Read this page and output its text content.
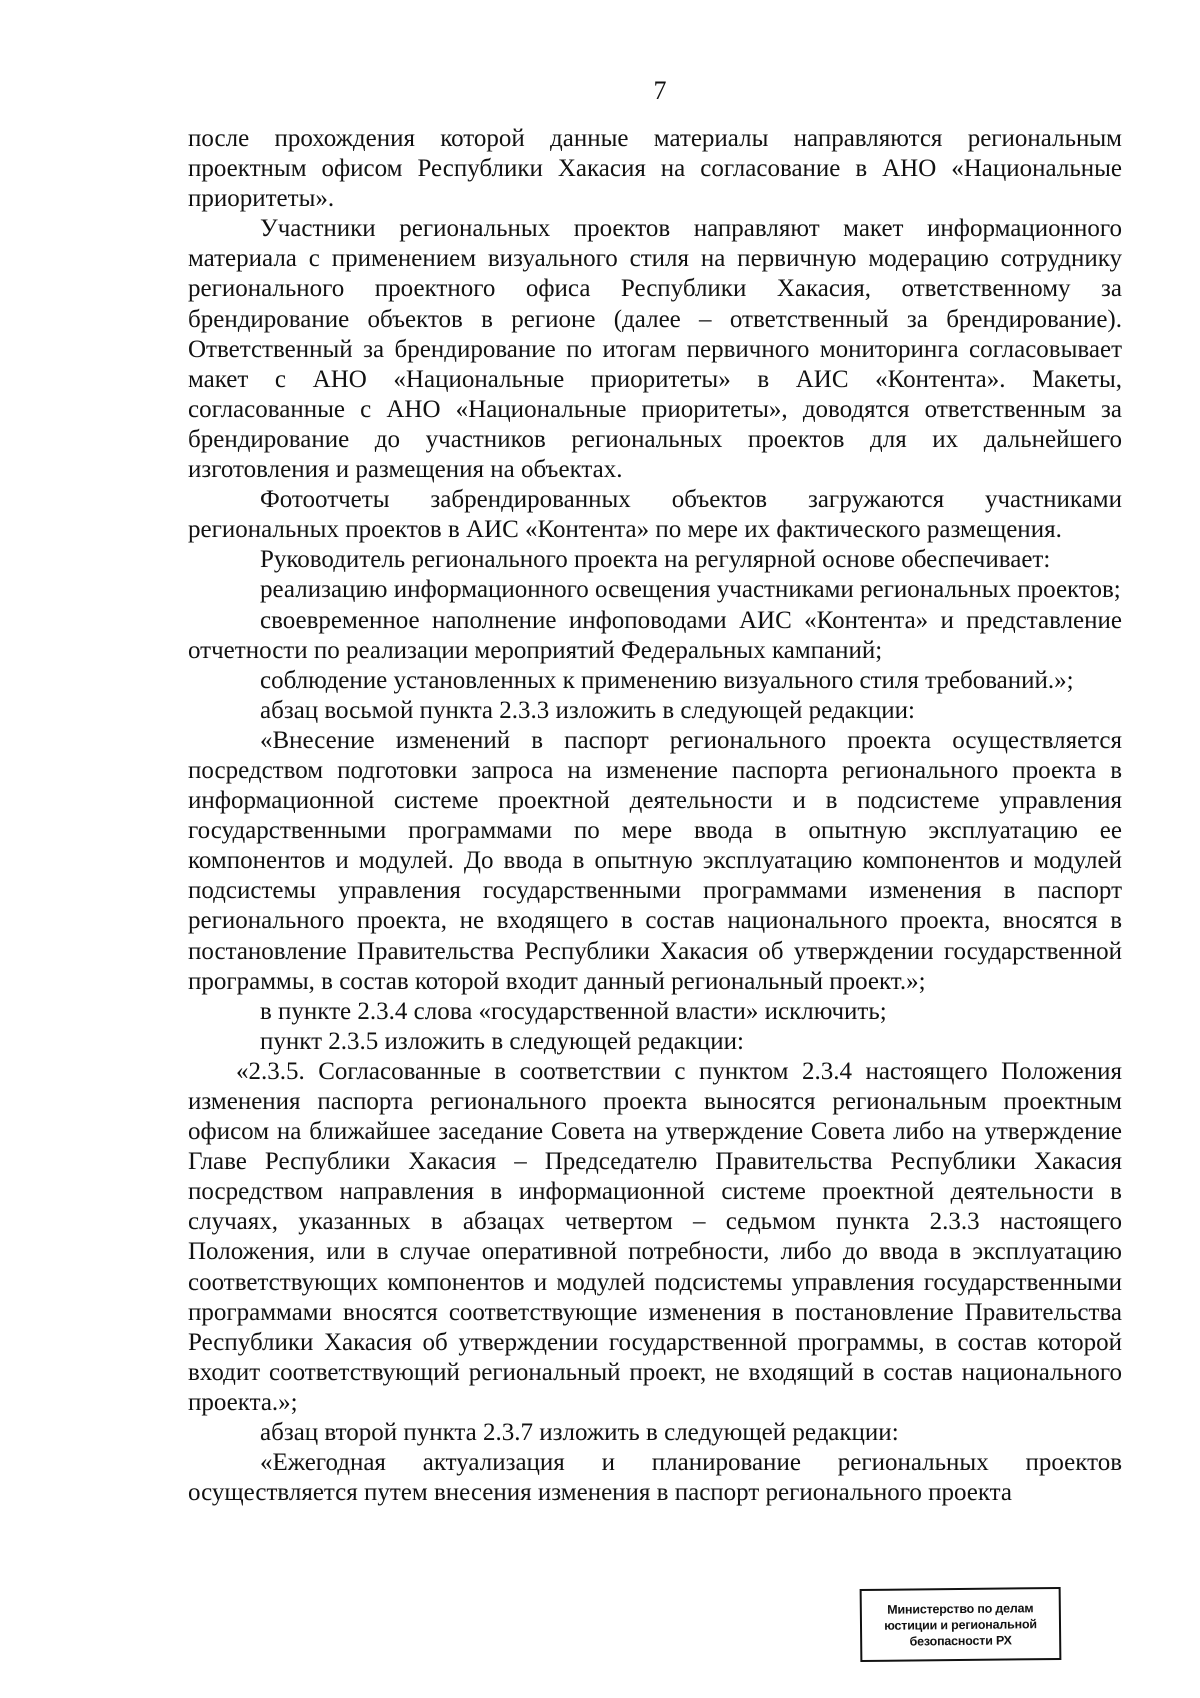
7

после прохождения которой данные материалы направляются региональным проектным офисом Республики Хакасия на согласование в АНО «Национальные приоритеты».

Участники региональных проектов направляют макет информационного материала с применением визуального стиля на первичную модерацию сотруднику регионального проектного офиса Республики Хакасия, ответственному за брендирование объектов в регионе (далее – ответственный за брендирование). Ответственный за брендирование по итогам первичного мониторинга согласовывает макет с АНО «Национальные приоритеты» в АИС «Контента». Макеты, согласованные с АНО «Национальные приоритеты», доводятся ответственным за брендирование до участников региональных проектов для их дальнейшего изготовления и размещения на объектах.

Фотоотчеты забрендированных объектов загружаются участниками региональных проектов в АИС «Контента» по мере их фактического размещения.

Руководитель регионального проекта на регулярной основе обеспечивает:

реализацию информационного освещения участниками региональных проектов;

своевременное наполнение инфоповодами АИС «Контента» и представление отчетности по реализации мероприятий Федеральных кампаний;

соблюдение установленных к применению визуального стиля требований.»;

абзац восьмой пункта 2.3.3 изложить в следующей редакции:

«Внесение изменений в паспорт регионального проекта осуществляется посредством подготовки запроса на изменение паспорта регионального проекта в информационной системе проектной деятельности и в подсистеме управления государственными программами по мере ввода в опытную эксплуатацию ее компонентов и модулей. До ввода в опытную эксплуатацию компонентов и модулей подсистемы управления государственными программами изменения в паспорт регионального проекта, не входящего в состав национального проекта, вносятся в постановление Правительства Республики Хакасия об утверждении государственной программы, в состав которой входит данный региональный проект.»;

в пункте 2.3.4 слова «государственной власти» исключить;

пункт 2.3.5 изложить в следующей редакции:

«2.3.5. Согласованные в соответствии с пунктом 2.3.4 настоящего Положения изменения паспорта регионального проекта выносятся региональным проектным офисом на ближайшее заседание Совета на утверждение Совета либо на утверждение Главе Республики Хакасия – Председателю Правительства Республики Хакасия посредством направления в информационной системе проектной деятельности в случаях, указанных в абзацах четвертом – седьмом пункта 2.3.3 настоящего Положения, или в случае оперативной потребности, либо до ввода в эксплуатацию соответствующих компонентов и модулей подсистемы управления государственными программами вносятся соответствующие изменения в постановление Правительства Республики Хакасия об утверждении государственной программы, в состав которой входит соответствующий региональный проект, не входящий в состав национального проекта.»;

абзац второй пункта 2.3.7 изложить в следующей редакции:

«Ежегодная актуализация и планирование региональных проектов осуществляется путем внесения изменения в паспорт регионального проекта

Министерство по делам
юстиции и региональной
безопасности РХ
